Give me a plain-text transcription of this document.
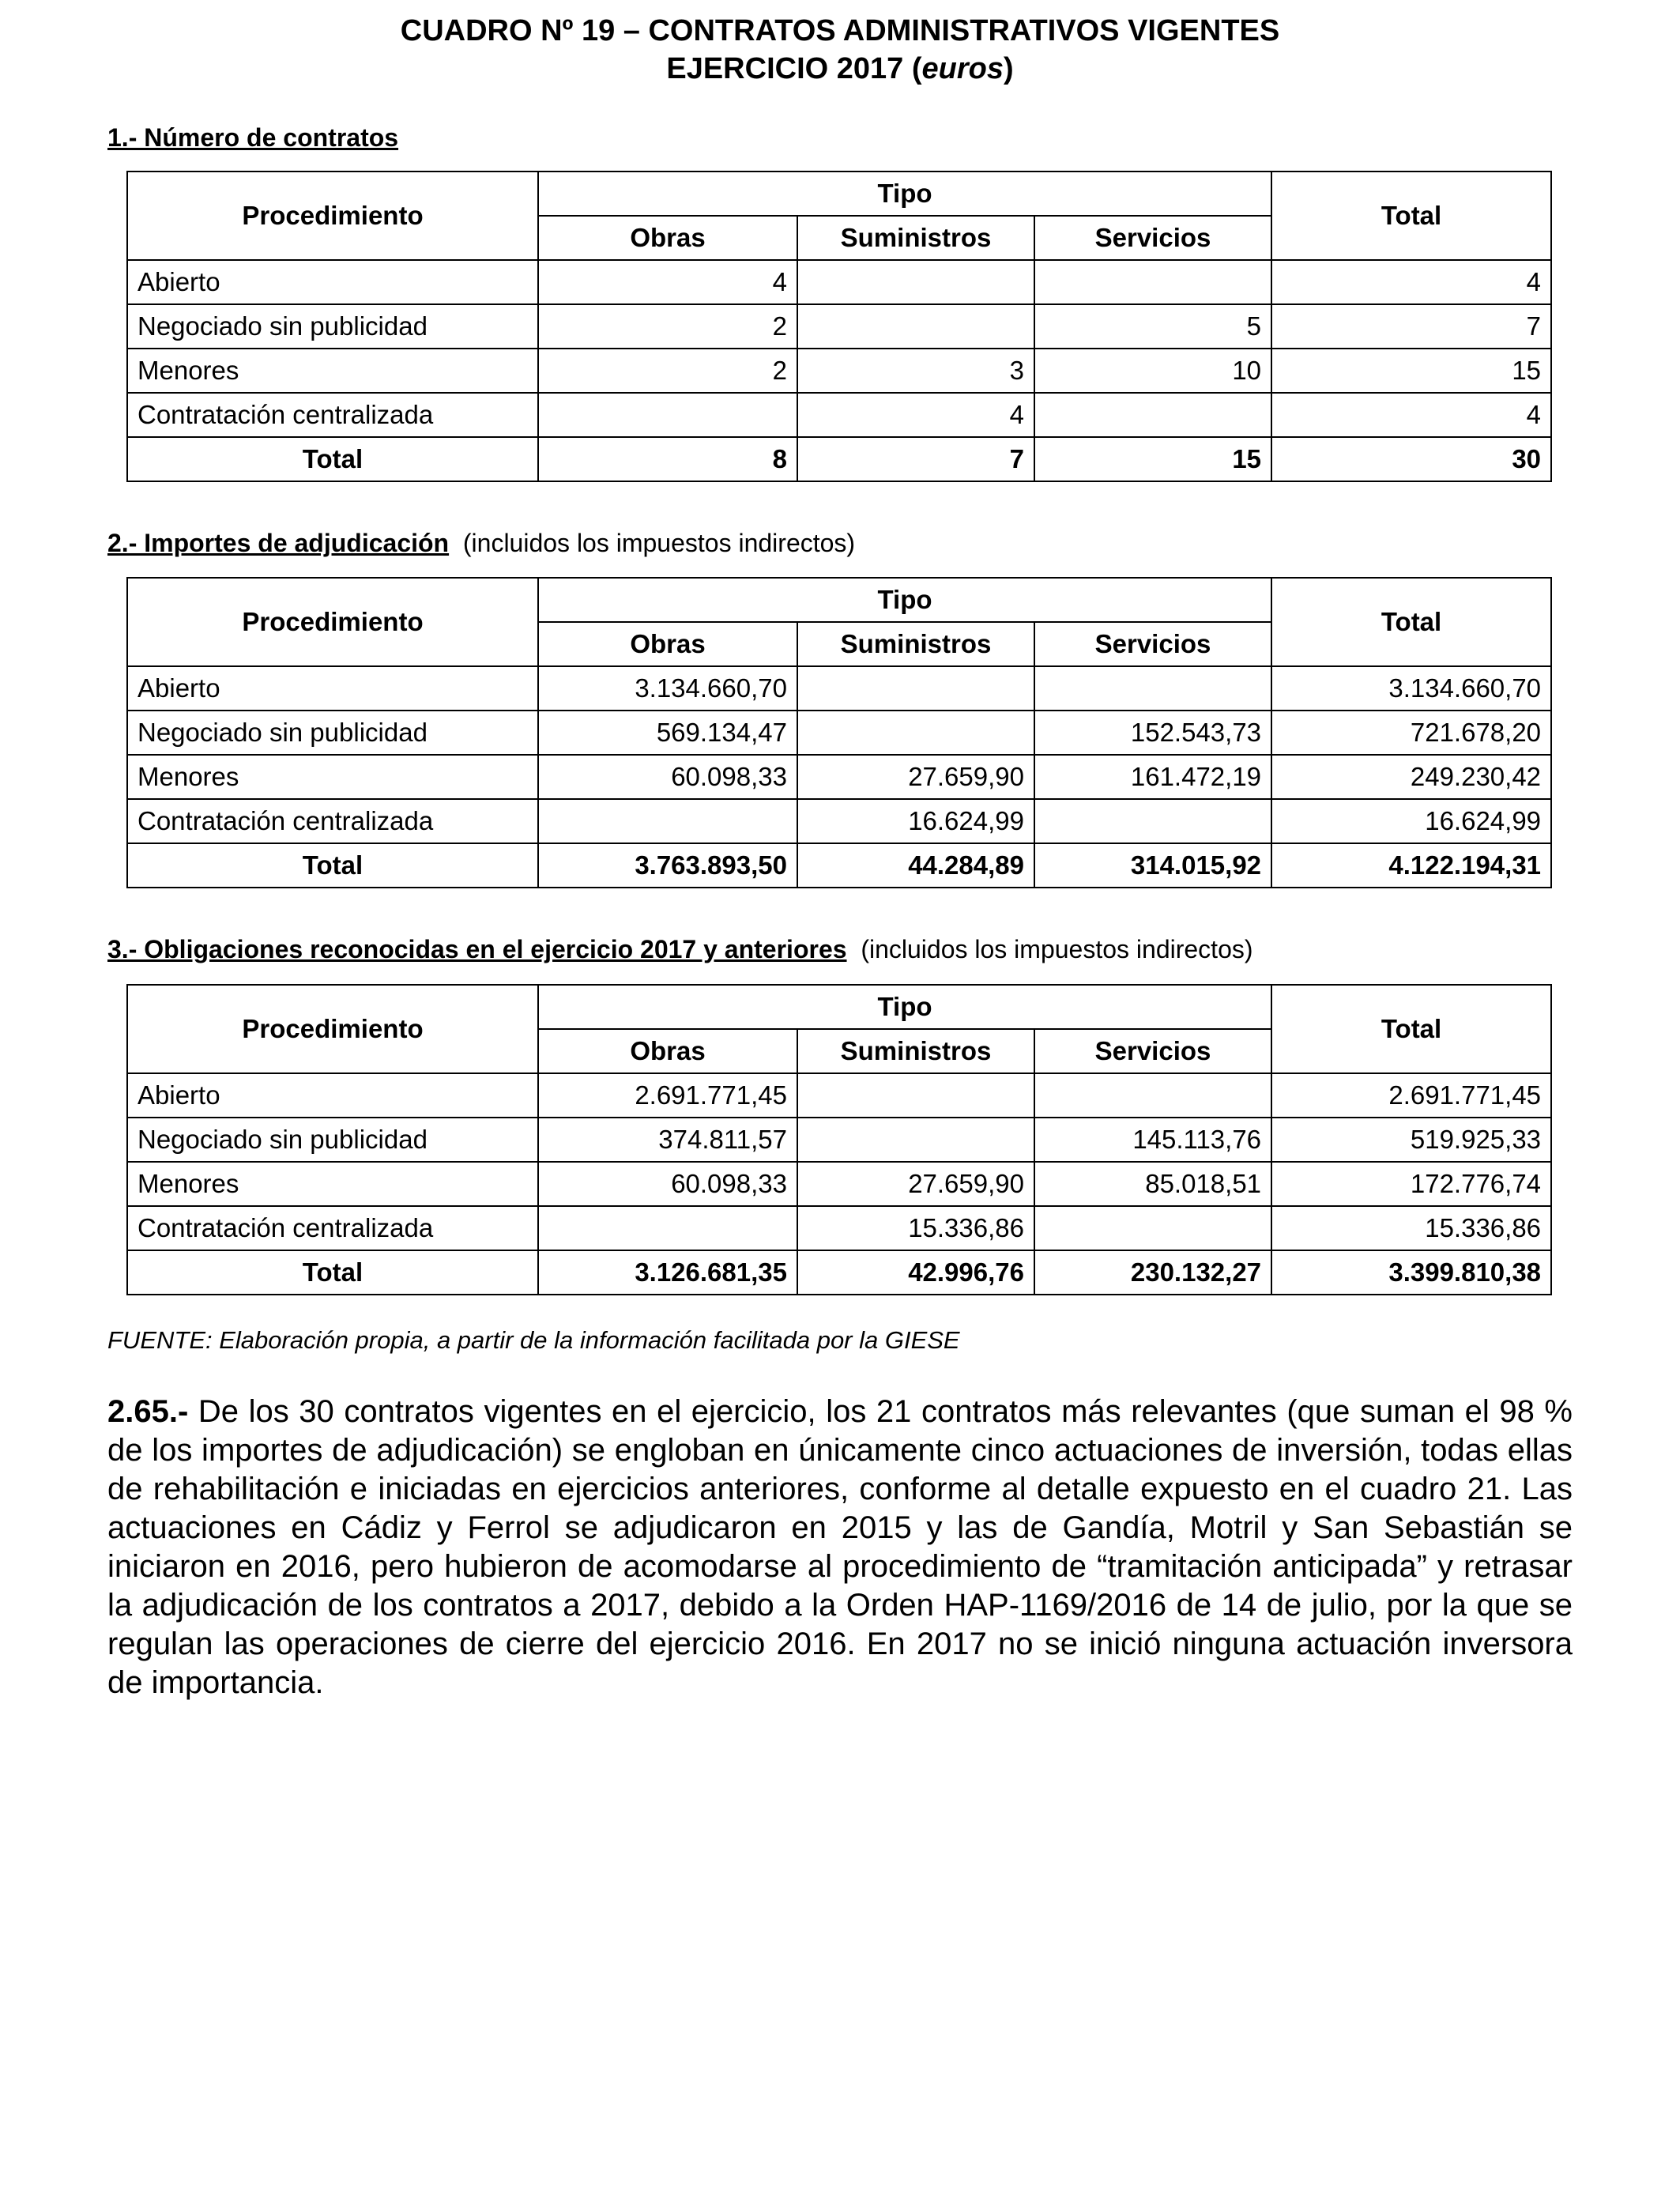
CUADRO Nº 19 – CONTRATOS ADMINISTRATIVOS VIGENTES
EJERCICIO 2017 (euros)
1.- Número de contratos
Procedimiento	Tipo			Total
	Obras	Suministros	Servicios	
Abierto	4			4
Negociado sin publicidad	2		5	7
Menores	2	3	10	15
Contratación centralizada		4		4
Total	8	7	15	30
2.- Importes de adjudicación (incluidos los impuestos indirectos)
Procedimiento	Tipo			Total
	Obras	Suministros	Servicios	
Abierto	3.134.660,70			3.134.660,70
Negociado sin publicidad	569.134,47		152.543,73	721.678,20
Menores	60.098,33	27.659,90	161.472,19	249.230,42
Contratación centralizada		16.624,99		16.624,99
Total	3.763.893,50	44.284,89	314.015,92	4.122.194,31
3.- Obligaciones reconocidas en el ejercicio 2017 y anteriores (incluidos los impuestos indirectos)
Procedimiento	Tipo			Total
	Obras	Suministros	Servicios	
Abierto	2.691.771,45			2.691.771,45
Negociado sin publicidad	374.811,57		145.113,76	519.925,33
Menores	60.098,33	27.659,90	85.018,51	172.776,74
Contratación centralizada		15.336,86		15.336,86
Total	3.126.681,35	42.996,76	230.132,27	3.399.810,38
FUENTE: Elaboración propia, a partir de la información facilitada por la GIESE
2.65.- De los 30 contratos vigentes en el ejercicio, los 21 contratos más relevantes (que suman el 98 % de los importes de adjudicación) se engloban en únicamente cinco actuaciones de inversión, todas ellas de rehabilitación e iniciadas en ejercicios anteriores, conforme al detalle expuesto en el cuadro 21. Las actuaciones en Cádiz y Ferrol se adjudicaron en 2015 y las de Gandía, Motril y San Sebastián se iniciaron en 2016, pero hubieron de acomodarse al procedimiento de “tramitación anticipada” y retrasar la adjudicación de los contratos a 2017, debido a la Orden HAP-1169/2016 de 14 de julio, por la que se regulan las operaciones de cierre del ejercicio 2016. En 2017 no se inició ninguna actuación inversora de importancia.
